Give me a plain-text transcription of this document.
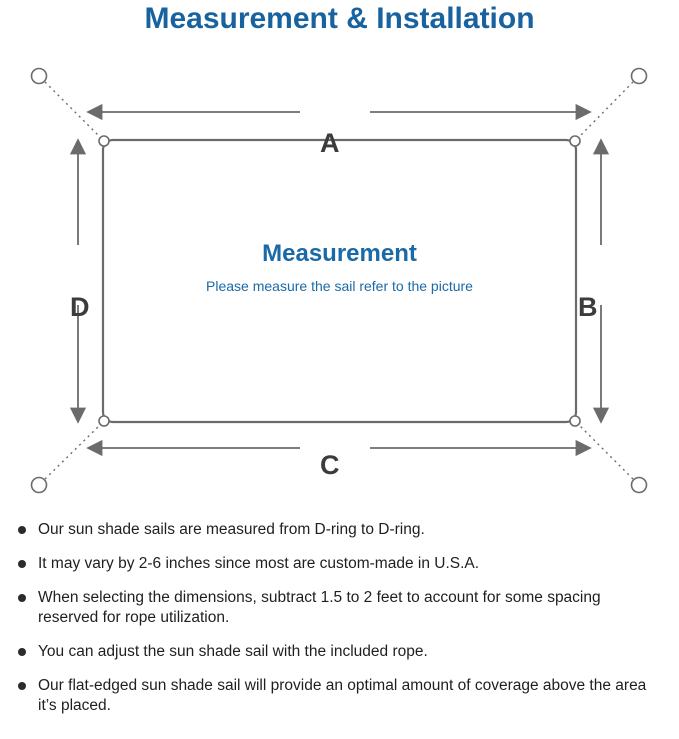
Measurement & Installation
A
B
C
D
Measurement
Please measure the sail refer to the picture
Our sun shade sails are measured from D-ring to D-ring.
It may vary by 2-6 inches since most are custom-made in U.S.A.
When selecting the dimensions, subtract 1.5 to 2 feet to account for some spacing reserved for rope utilization.
You can adjust the sun shade sail with the included rope.
Our flat-edged sun shade sail will provide an optimal amount of coverage above the area it’s placed.
